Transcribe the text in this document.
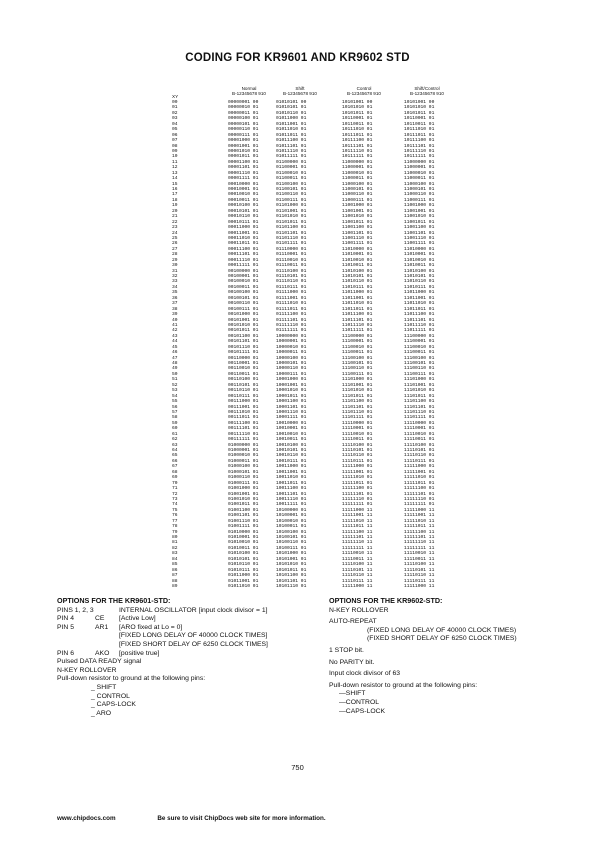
CODING FOR KR9601 AND KR9602 STD
XY
Normal
B-12345678 910
Shift
B-12345678 910
Control
B-12345678 910
Shift/Control
B-12345678 910
00	00000001 00	01010101 00	10101001 00	10101001 00
01	00000010 01	01010101 01	10101010 01	10101010 01
02	00000011 01	01010110 01	10101011 01	10101011 01
03	00000100 01	01011000 01	10110001 01	10110001 01
04	00000101 01	01011001 01	10110011 01	10110011 01
05	00000110 01	01011010 01	10111010 01	10111010 01
06	00000111 01	01011011 01	10111011 01	10111011 01
07	00001000 01	01011100 01	10111100 01	10111100 01
08	00001001 01	01011101 01	10111101 01	10111101 01
09	00001010 01	01011110 01	10111110 01	10111110 01
10	00001011 01	01011111 01	10111111 01	10111111 01
11	00001100 01	01100000 01	11000000 01	11000000 01
12	00001101 01	01100001 01	11000001 01	11000001 01
13	00001110 01	01100010 01	11000010 01	11000010 01
14	00001111 01	01100011 01	11000011 01	11000011 01
15	00010000 01	01100100 01	11000100 01	11000100 01
16	00010001 01	01100101 01	11000101 01	11000101 01
17	00010010 01	01100110 01	11000110 01	11000110 01
18	00010011 01	01100111 01	11000111 01	11000111 01
19	00010100 01	01101000 01	11001000 01	11001000 01
20	00010101 01	01101001 01	11001001 01	11001001 01
21	00010110 01	01101010 01	11001010 01	11001010 01
22	00010111 01	01101011 01	11001011 01	11001011 01
23	00011000 01	01101100 01	11001100 01	11001100 01
24	00011001 01	01101101 01	11001101 01	11001101 01
25	00011010 01	01101110 01	11001110 01	11001110 01
26	00011011 01	01101111 01	11001111 01	11001111 01
27	00011100 01	01110000 01	11010000 01	11010000 01
28	00011101 01	01110001 01	11010001 01	11010001 01
29	00011110 01	01110010 01	11010010 01	11010010 01
30	00011111 01	01110011 01	11010011 01	11010011 01
31	00100000 01	01110100 01	11010100 01	11010100 01
32	00100001 01	01110101 01	11010101 01	11010101 01
33	00100010 01	01110110 01	11010110 01	11010110 01
34	00100011 01	01110111 01	11010111 01	11010111 01
35	00100100 01	01111000 01	11011000 01	11011000 01
36	00100101 01	01111001 01	11011001 01	11011001 01
37	00100110 01	01111010 01	11011010 01	11011010 01
38	00100111 01	01111011 01	11011011 01	11011011 01
39	00101000 01	01111100 01	11011100 01	11011100 01
40	00101001 01	01111101 01	11011101 01	11011101 01
41	00101010 01	01111110 01	11011110 01	11011110 01
42	00101011 01	01111111 01	11011111 01	11011111 01
43	00101100 01	10000000 01	11100000 01	11100000 01
44	00101101 01	10000001 01	11100001 01	11100001 01
45	00101110 01	10000010 01	11100010 01	11100010 01
46	00101111 01	10000011 01	11100011 01	11100011 01
47	00110000 01	10000100 01	11100100 01	11100100 01
48	00110001 01	10000101 01	11100101 01	11100101 01
49	00110010 01	10000110 01	11100110 01	11100110 01
50	00110011 01	10000111 01	11100111 01	11100111 01
51	00110100 01	10001000 01	11101000 01	11101000 01
52	00110101 01	10001001 01	11101001 01	11101001 01
53	00110110 01	10001010 01	11101010 01	11101010 01
54	00110111 01	10001011 01	11101011 01	11101011 01
55	00111000 01	10001100 01	11101100 01	11101100 01
56	00111001 01	10001101 01	11101101 01	11101101 01
57	00111010 01	10001110 01	11101110 01	11101110 01
58	00111011 01	10001111 01	11101111 01	11101111 01
59	00111100 01	10010000 01	11110000 01	11110000 01
60	00111101 01	10010001 01	11110001 01	11110001 01
61	00111110 01	10010010 01	11110010 01	11110010 01
62	00111111 01	10010011 01	11110011 01	11110011 01
63	01000000 01	10010100 01	11110100 01	11110100 01
64	01000001 01	10010101 01	11110101 01	11110101 01
65	01000010 01	10010110 01	11110110 01	11110110 01
66	01000011 01	10010111 01	11110111 01	11110111 01
67	01000100 01	10011000 01	11111000 01	11111000 01
68	01000101 01	10011001 01	11111001 01	11111001 01
69	01000110 01	10011010 01	11111010 01	11111010 01
70	01000111 01	10011011 01	11111011 01	11111011 01
71	01001000 01	10011100 01	11111100 01	11111100 01
72	01001001 01	10011101 01	11111101 01	11111101 01
73	01001010 01	10011110 01	11111110 01	11111110 01
74	01001011 01	10011111 01	11111111 01	11111111 01
75	01001100 01	10100000 01	11111000 11	11111000 11
76	01001101 01	10100001 01	11111001 11	11111001 11
77	01001110 01	10100010 01	11111010 11	11111010 11
78	01001111 01	10100011 01	11111011 11	11111011 11
79	01010000 01	10100100 01	11111100 11	11111100 11
80	01010001 01	10100101 01	11111101 11	11111101 11
81	01010010 01	10100110 01	11111110 11	11111110 11
82	01010011 01	10100111 01	11111111 11	11111111 11
83	01010100 01	10101000 01	11110010 11	11110010 11
84	01010101 01	10101001 01	11110011 11	11110011 11
85	01010110 01	10101010 01	11110100 11	11110100 11
86	01010111 01	10101011 01	11110101 11	11110101 11
87	01011000 01	10101100 01	11110110 11	11110110 11
88	01011001 01	10101101 01	11110111 11	11110111 11
89	01011010 01	10101110 01	11111000 11	11111000 11
OPTIONS FOR THE KR9601-STD:
PINS 1, 2, 3	INTERNAL OSCILLATOR [input clock divisor = 1]
PIN 4	CE	[Active Low]
PIN 5	AR1	[ARO fixed at Lo = 0]
[FIXED LONG DELAY OF 40000 CLOCK TIMES]
[FIXED SHORT DELAY OF 6250 CLOCK TIMES]
PIN 6	AKO	[positive true]
Pulsed DATA READY signal
N-KEY ROLLOVER
Pull-down resistor to ground at the following pins:
_ SHIFT
_ CONTROL
_ CAPS-LOCK
_ ARO
OPTIONS FOR THE KR9602-STD:
N-KEY ROLLOVER
AUTO-REPEAT
(FIXED LONG DELAY OF 40000 CLOCK TIMES)
(FIXED SHORT DELAY OF 6250 CLOCK TIMES)
1 STOP bit.
No PARITY bit.
Input clock divisor of 63
Pull-down resistor to ground at the following pins:
—SHIFT
—CONTROL
—CAPS-LOCK
750
www.chipdocs.com	Be sure to visit ChipDocs web site for more information.
